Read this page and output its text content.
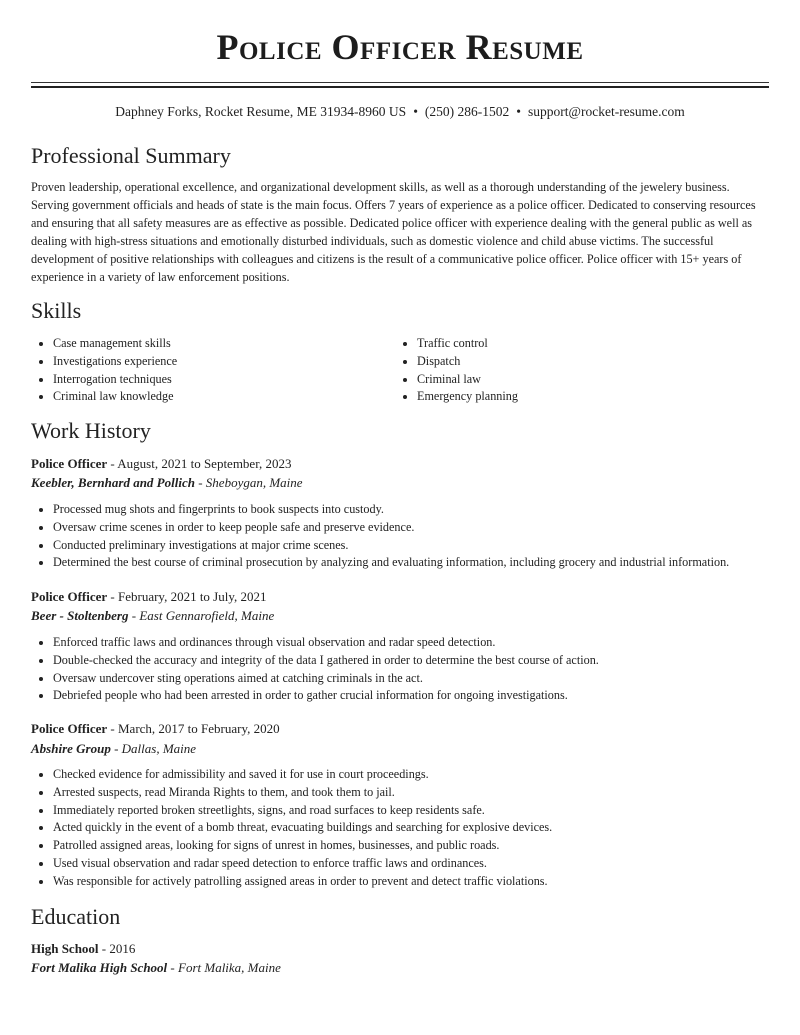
Police Officer Resume
Daphney Forks, Rocket Resume, ME 31934-8960 US • (250) 286-1502 • support@rocket-resume.com
Professional Summary

Proven leadership, operational excellence, and organizational development skills, as well as a thorough understanding of the jewelery business. Serving government officials and heads of state is the main focus. Offers 7 years of experience as a police officer. Dedicated to conserving resources and ensuring that all safety measures are as effective as possible. Dedicated police officer with experience dealing with the general public as well as dealing with high-stress situations and emotionally disturbed individuals, such as domestic violence and child abuse victims. The successful development of positive relationships with colleagues and citizens is the result of a communicative police officer. Police officer with 15+ years of experience in a variety of law enforcement positions.

Skills
Case management skills
Investigations experience
Interrogation techniques
Criminal law knowledge
Traffic control
Dispatch
Criminal law
Emergency planning
Work History
Police Officer - August, 2021 to September, 2023
Keebler, Bernhard and Pollich - Sheboygan, Maine
Processed mug shots and fingerprints to book suspects into custody.
Oversaw crime scenes in order to keep people safe and preserve evidence.
Conducted preliminary investigations at major crime scenes.
Determined the best course of criminal prosecution by analyzing and evaluating information, including grocery and industrial information.
Police Officer - February, 2021 to July, 2021
Beer - Stoltenberg - East Gennarofield, Maine
Enforced traffic laws and ordinances through visual observation and radar speed detection.
Double-checked the accuracy and integrity of the data I gathered in order to determine the best course of action.
Oversaw undercover sting operations aimed at catching criminals in the act.
Debriefed people who had been arrested in order to gather crucial information for ongoing investigations.
Police Officer - March, 2017 to February, 2020
Abshire Group - Dallas, Maine
Checked evidence for admissibility and saved it for use in court proceedings.
Arrested suspects, read Miranda Rights to them, and took them to jail.
Immediately reported broken streetlights, signs, and road surfaces to keep residents safe.
Acted quickly in the event of a bomb threat, evacuating buildings and searching for explosive devices.
Patrolled assigned areas, looking for signs of unrest in homes, businesses, and public roads.
Used visual observation and radar speed detection to enforce traffic laws and ordinances.
Was responsible for actively patrolling assigned areas in order to prevent and detect traffic violations.
Education
High School - 2016
Fort Malika High School - Fort Malika, Maine
